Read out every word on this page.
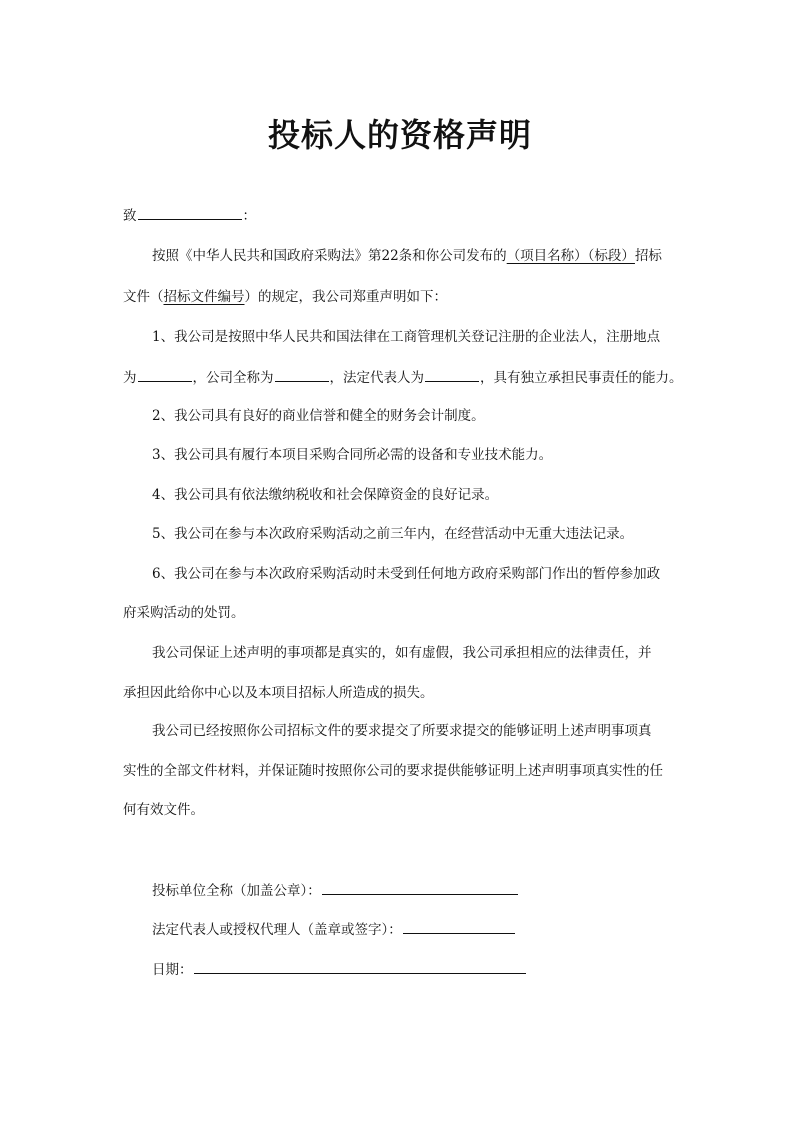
投标人的资格声明
致	：
按照《中华人民共和国政府采购法》第22条和你公司发布的（项目名称）（标段）招标
文件（招标文件编号）的规定，我公司郑重声明如下：
1、我公司是按照中华人民共和国法律在工商管理机关登记注册的企业法人，注册地点
为	，公司全称为	，法定代表人为	，具有独立承担民事责任的能力。
2、我公司具有良好的商业信誉和健全的财务会计制度。
3、我公司具有履行本项目采购合同所必需的设备和专业技术能力。
4、我公司具有依法缴纳税收和社会保障资金的良好记录。
5、我公司在参与本次政府采购活动之前三年内，在经营活动中无重大违法记录。
6、我公司在参与本次政府采购活动时未受到任何地方政府采购部门作出的暂停参加政
府采购活动的处罚。
我公司保证上述声明的事项都是真实的，如有虚假，我公司承担相应的法律责任，并
承担因此给你中心以及本项目招标人所造成的损失。
我公司已经按照你公司招标文件的要求提交了所要求提交的能够证明上述声明事项真
实性的全部文件材料，并保证随时按照你公司的要求提供能够证明上述声明事项真实性的任
何有效文件。
投标单位全称（加盖公章）：
法定代表人或授权代理人（盖章或签字）：
日期：
